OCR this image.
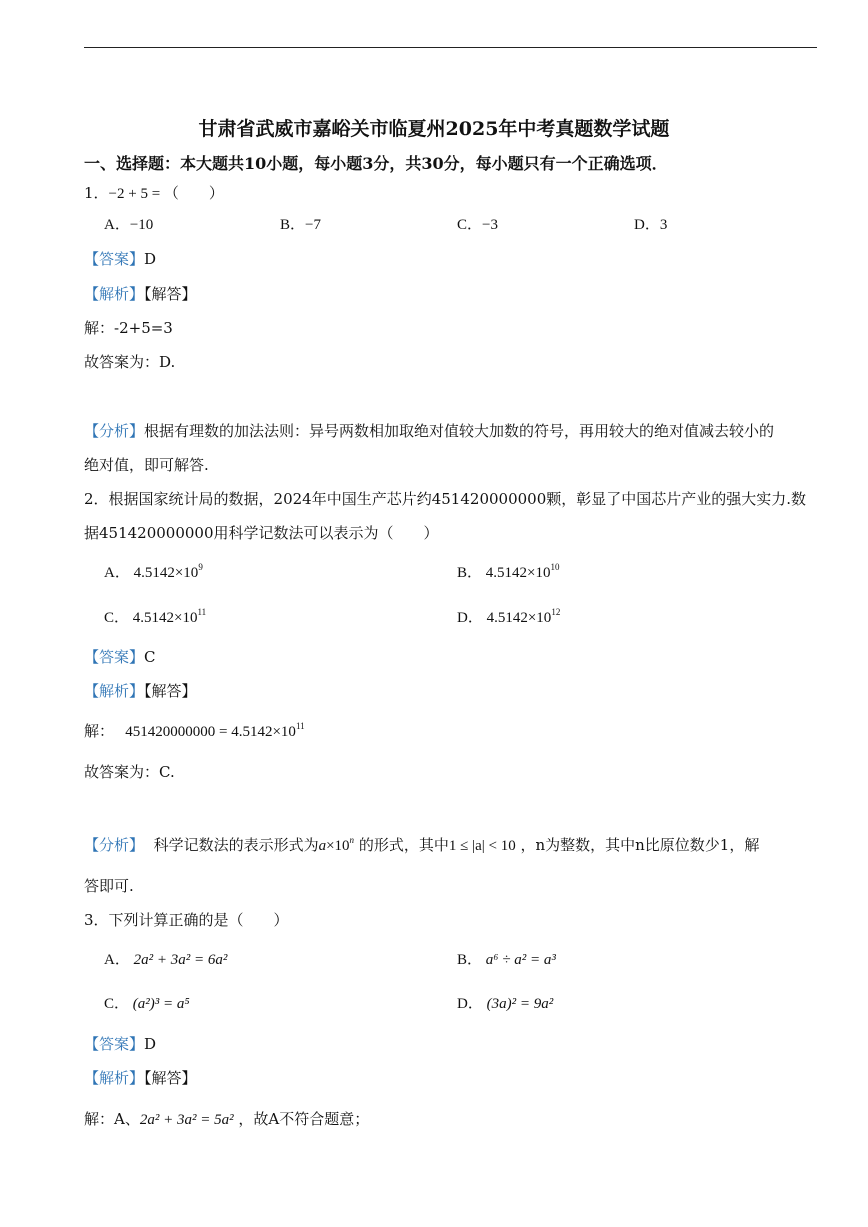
甘肃省武威市嘉峪关市临夏州2025年中考真题数学试题
一、选择题：本大题共10小题，每小题3分，共30分，每小题只有一个正确选项．
1．−2 + 5 = （　　）
A．−10	B．−7	C．−3	D．3
【答案】D
【解析】【解答】
解：-2+5=3
故答案为：D.
【分析】根据有理数的加法法则：异号两数相加取绝对值较大加数的符号，再用较大的绝对值减去较小的
绝对值，即可解答.
2．根据国家统计局的数据，2024年中国生产芯片约451420000000颗，彰显了中国芯片产业的强大实力.数
据451420000000用科学记数法可以表示为（　　）
A． $4.5142\times 10^9$	B． $4.5142\times 10^{10}$
C． $4.5142\times 10^{11}$	D． $4.5142\times 10^{12}$
【答案】C
【解析】【解答】
解： $451420000000 = 4.5142\times 10^{11}$
故答案为：C.
【分析】 科学记数法的表示形式为$a\times 10^n$ 的形式，其中1 ≤ |a| < 10 ，n为整数，其中n比原位数少1，解
答即可.
3．下列计算正确的是（　　）
A． 2a² + 3a² = 6a²	B． a⁶ ÷ a² = a³
C． (a²)³ = a⁵	D． (3a)² = 9a²
【答案】D
【解析】【解答】
解：A、2a² + 3a² = 5a² ，故A不符合题意；
